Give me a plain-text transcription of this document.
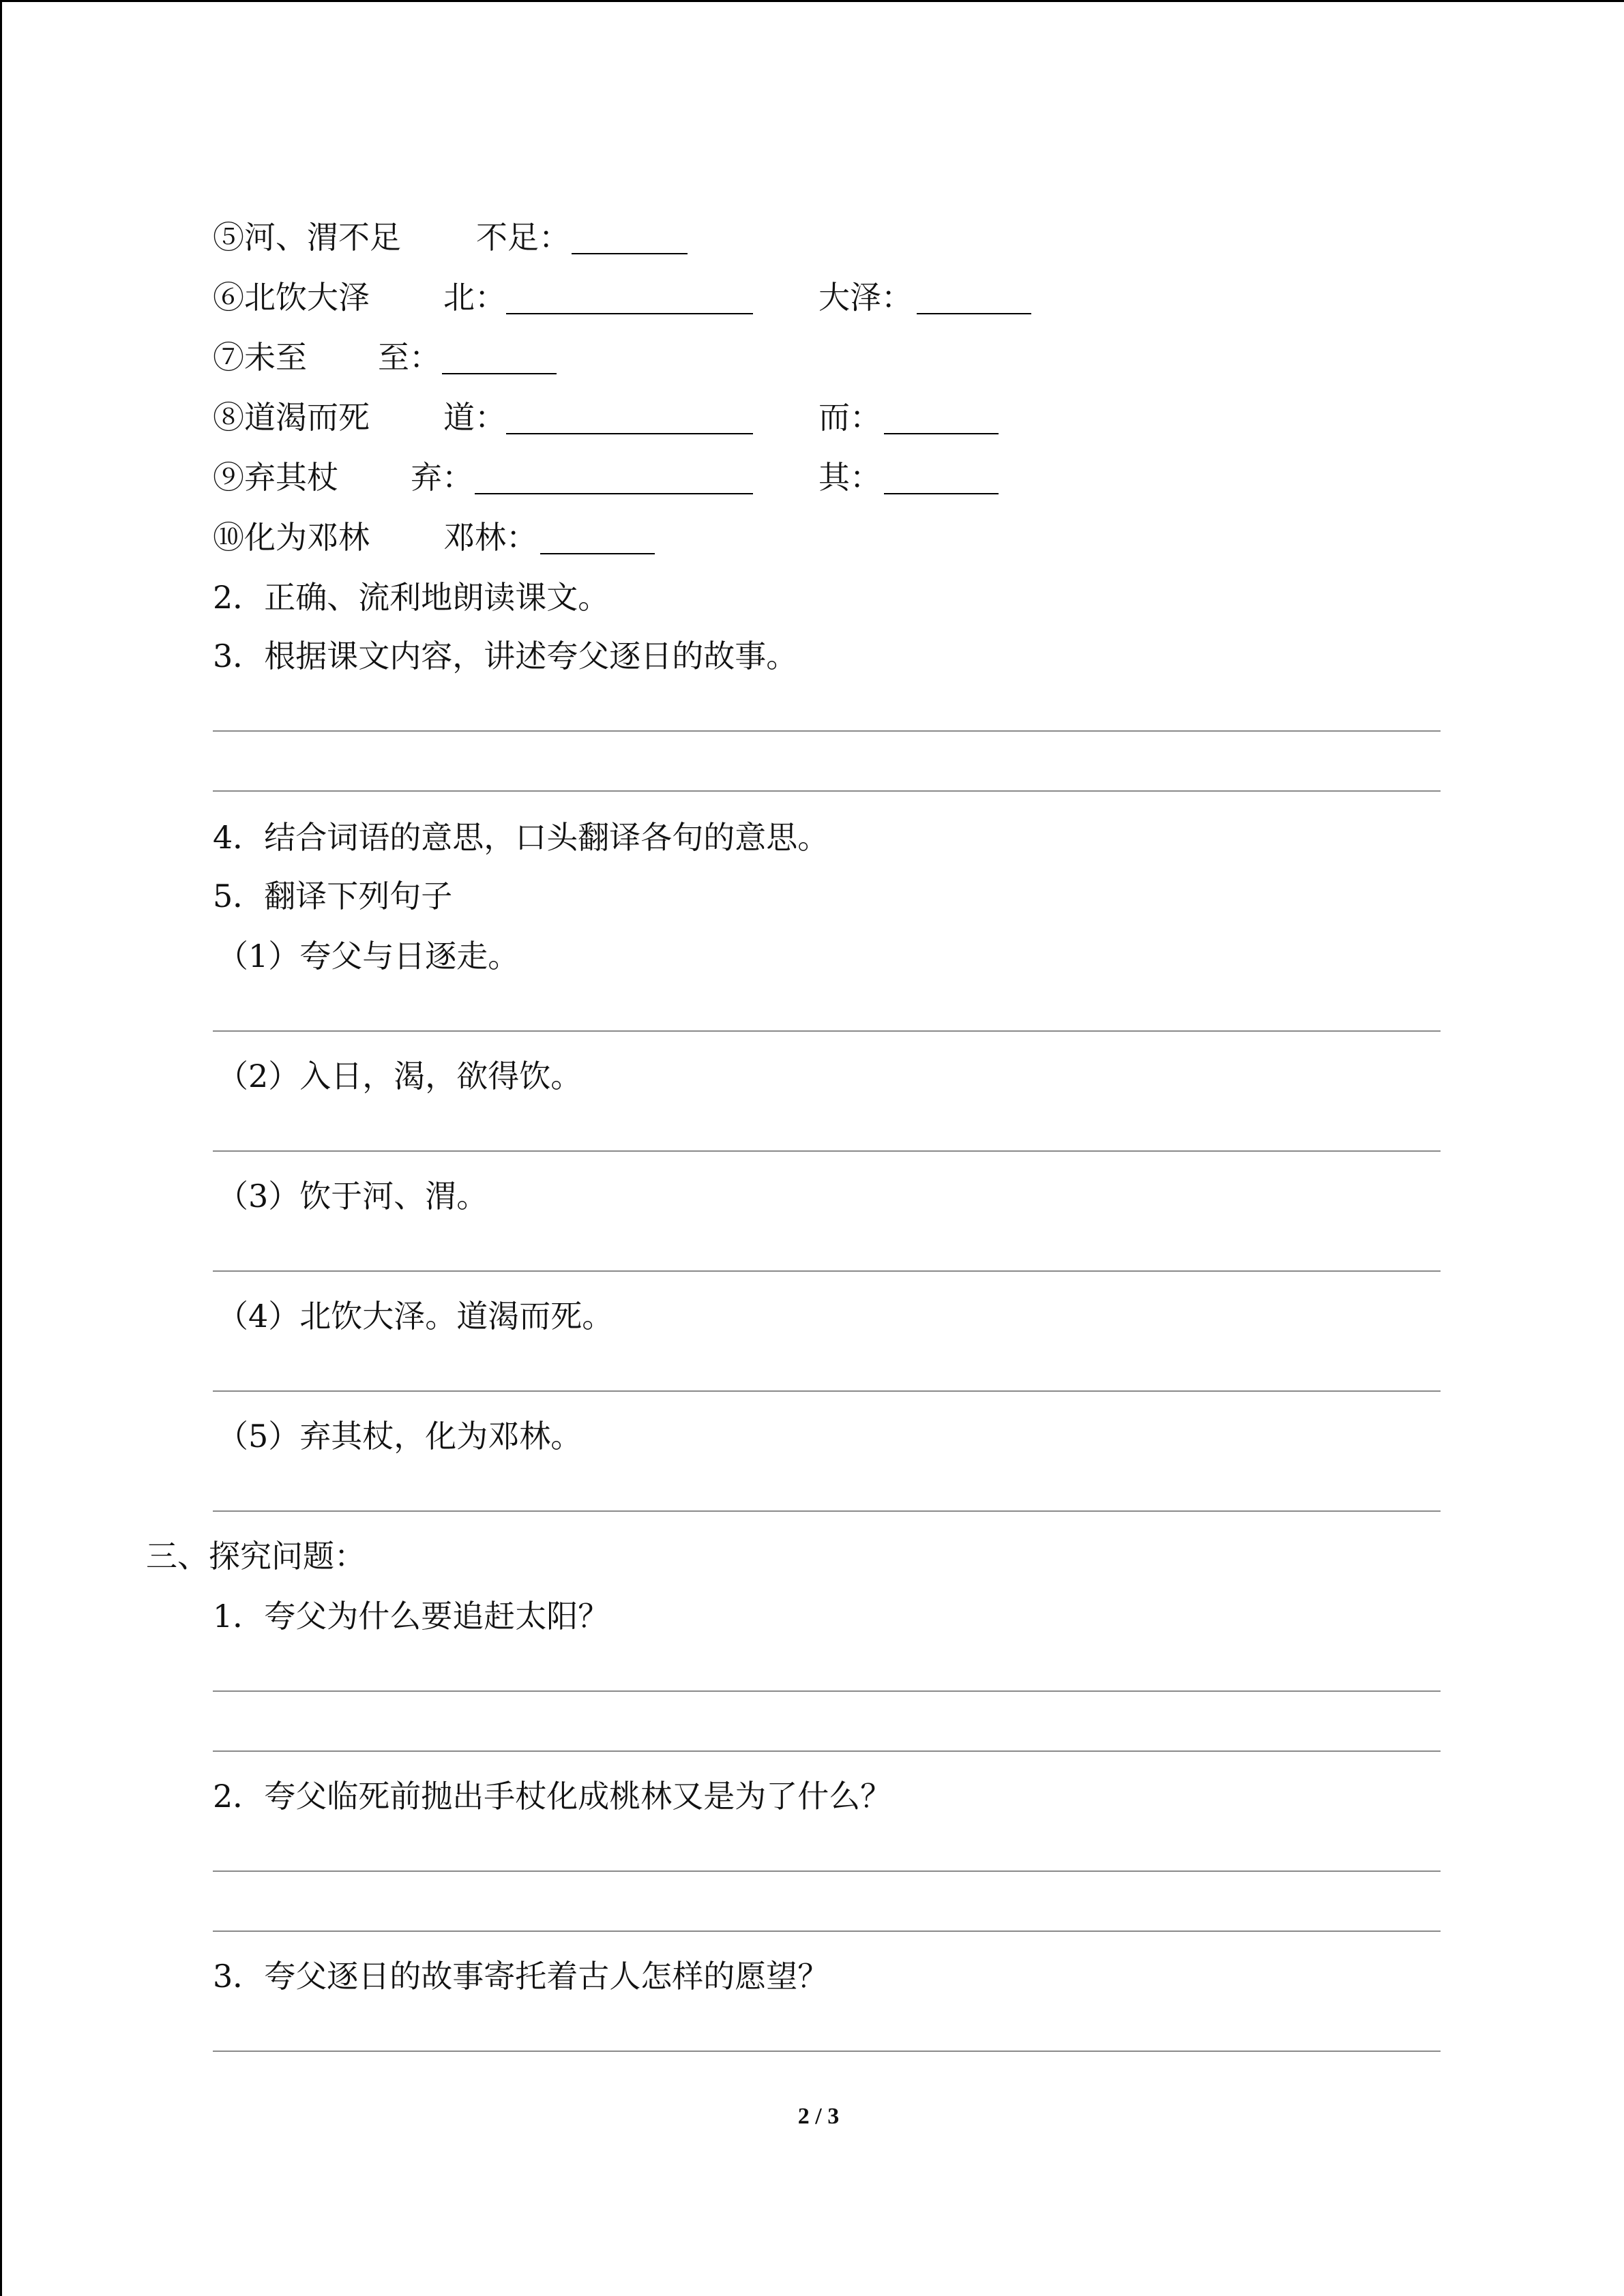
⑤河、渭不足 不足：
⑥北饮大泽 北：	大泽：
⑦未至 至：
⑧道渴而死 道：	而：
⑨弃其杖 弃：	其：
⑩化为邓林 邓林：
2．正确、流利地朗读课文。
3．根据课文内容，讲述夸父逐日的故事。
4．结合词语的意思，口头翻译各句的意思。
5．翻译下列句子
（1）夸父与日逐走。
（2）入日，渴，欲得饮。
（3）饮于河、渭。
（4）北饮大泽。道渴而死。
（5）弃其杖，化为邓林。
三、探究问题：
1．夸父为什么要追赶太阳？
2．夸父临死前抛出手杖化成桃林又是为了什么？
3．夸父逐日的故事寄托着古人怎样的愿望？
2 / 3
